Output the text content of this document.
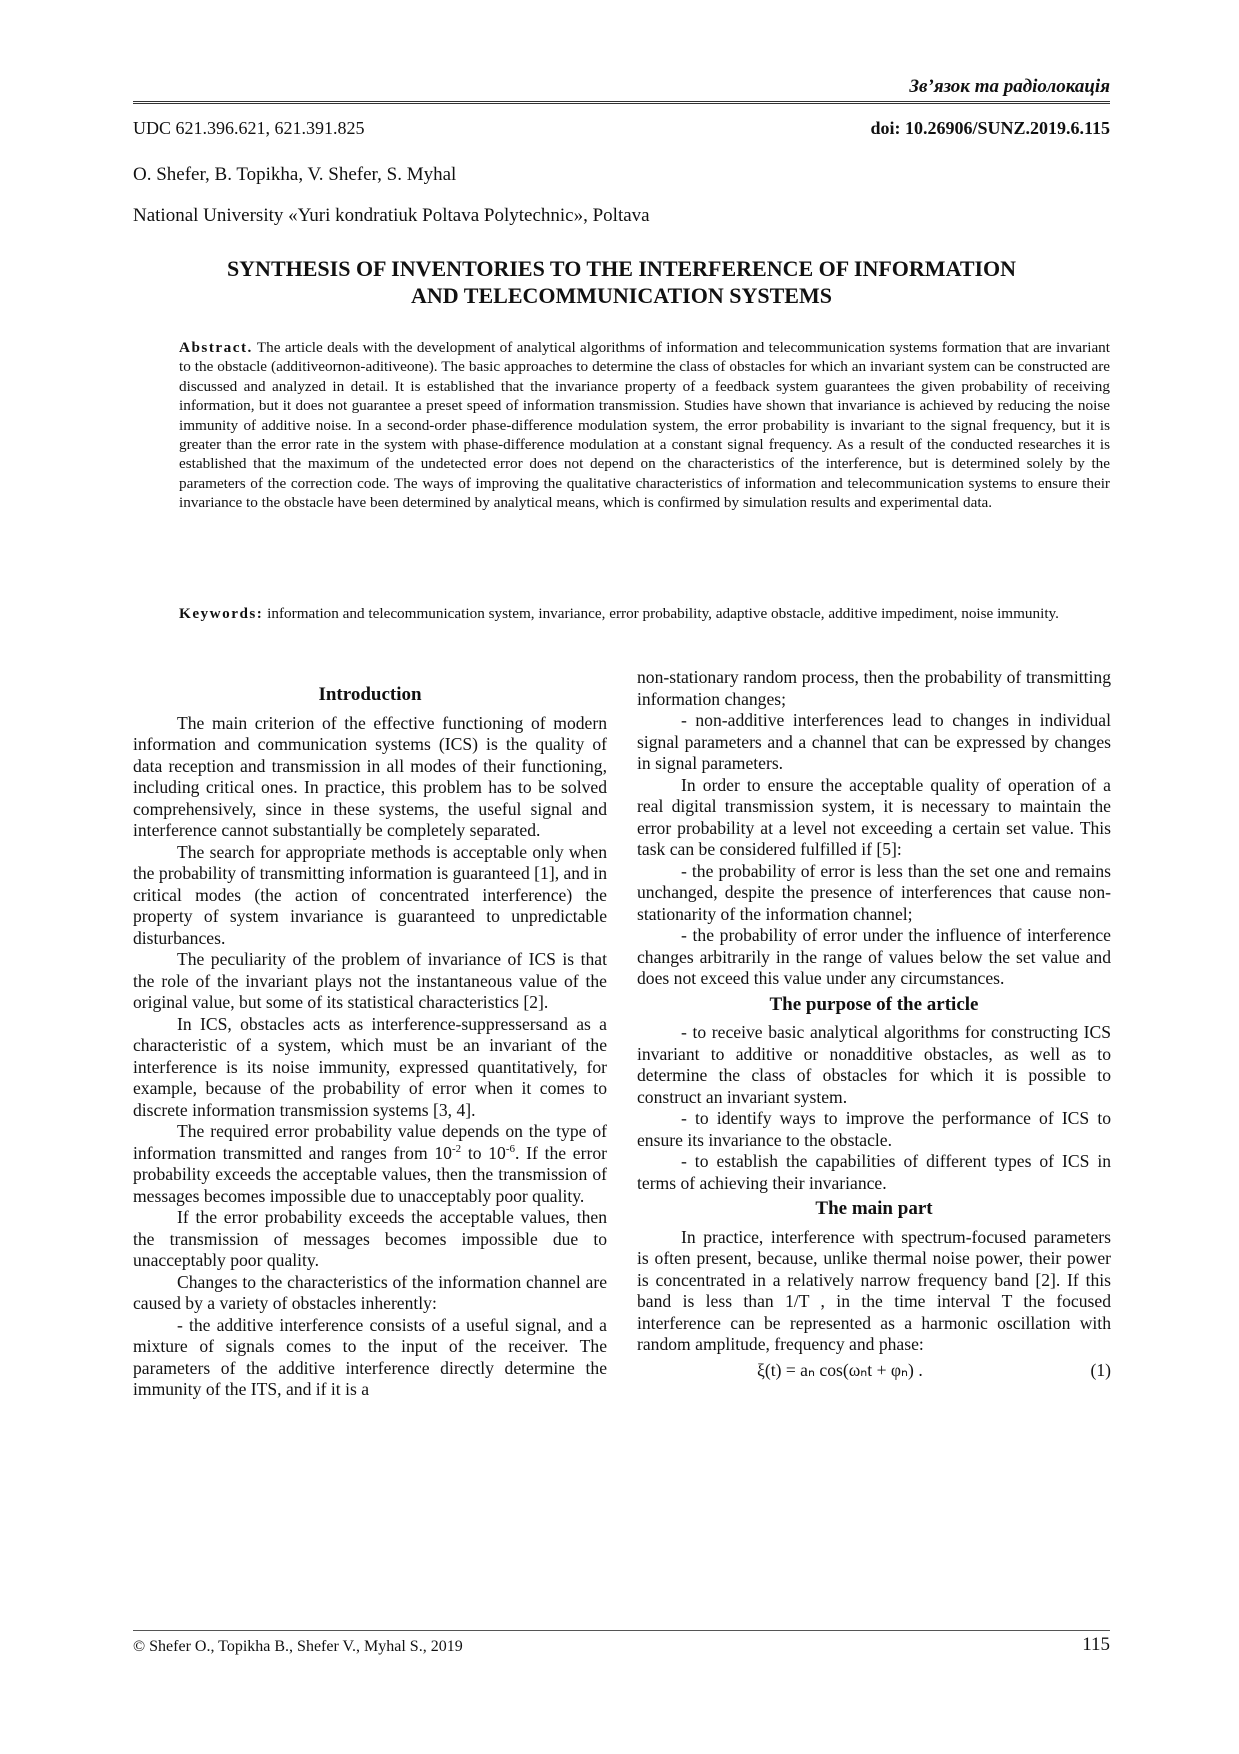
Зв’язок та радіолокація
UDC 621.396.621, 621.391.825	doi: 10.26906/SUNZ.2019.6.115
O. Shefer, B. Topikha, V. Shefer, S. Myhal
National University «Yuri kondratiuk Poltava Polytechnic», Poltava
SYNTHESIS OF INVENTORIES TO THE INTERFERENCE OF INFORMATION
AND TELECOMMUNICATION SYSTEMS
Abstract. The article deals with the development of analytical algorithms of information and telecommunication systems formation that are invariant to the obstacle (additiveornon-aditiveone). The basic approaches to determine the class of obstacles for which an invariant system can be constructed are discussed and analyzed in detail. It is established that the invariance property of a feedback system guarantees the given probability of receiving information, but it does not guarantee a preset speed of information transmission. Studies have shown that invariance is achieved by reducing the noise immunity of additive noise. In a second-order phase-difference modulation system, the error probability is invariant to the signal frequency, but it is greater than the error rate in the system with phase-difference modulation at a constant signal frequency. As a result of the conducted researches it is established that the maximum of the undetected error does not depend on the characteristics of the interference, but is determined solely by the parameters of the correction code. The ways of improving the qualitative characteristics of information and telecommunication systems to ensure their invariance to the obstacle have been determined by analytical means, which is confirmed by simulation results and experimental data.
Keywords: information and telecommunication system, invariance, error probability, adaptive obstacle, additive impediment, noise immunity.
Introduction

The main criterion of the effective functioning of modern information and communication systems (ICS) is the quality of data reception and transmission in all modes of their functioning, including critical ones. In practice, this problem has to be solved comprehensively, since in these systems, the useful signal and interference cannot substantially be completely separated.

The search for appropriate methods is acceptable only when the probability of transmitting information is guaranteed [1], and in critical modes (the action of concentrated interference) the property of system invariance is guaranteed to unpredictable disturbances.

The peculiarity of the problem of invariance of ICS is that the role of the invariant plays not the instantaneous value of the original value, but some of its statistical characteristics [2].

In ICS, obstacles acts as interference-suppressersand as a characteristic of a system, which must be an invariant of the interference is its noise immunity, expressed quantitatively, for example, because of the probability of error when it comes to discrete information transmission systems [3, 4].

The required error probability value depends on the type of information transmitted and ranges from $10^{-2}$ to $10^{-6}$. If the error probability exceeds the acceptable values, then the transmission of messages becomes impossible due to unacceptably poor quality.

If the error probability exceeds the acceptable values, then the transmission of messages becomes impossible due to unacceptably poor quality.

Changes to the characteristics of the information channel are caused by a variety of obstacles inherently:

- the additive interference consists of a useful signal, and a mixture of signals comes to the input of the receiver. The parameters of the additive interference directly determine the immunity of the ITS, and if it is a

non-stationary random process, then the probability of transmitting information changes;

- non-additive interferences lead to changes in individual signal parameters and a channel that can be expressed by changes in signal parameters.

In order to ensure the acceptable quality of operation of a real digital transmission system, it is necessary to maintain the error probability at a level not exceeding a certain set value. This task can be considered fulfilled if [5]:

- the probability of error is less than the set one and remains unchanged, despite the presence of interferences that cause non-stationarity of the information channel;

- the probability of error under the influence of interference changes arbitrarily in the range of values below the set value and does not exceed this value under any circumstances.

The purpose of the article

- to receive basic analytical algorithms for constructing ICS invariant to additive or nonadditive obstacles, as well as to determine the class of obstacles for which it is possible to construct an invariant system.

- to identify ways to improve the performance of ICS to ensure its invariance to the obstacle.

- to establish the capabilities of different types of ICS in terms of achieving their invariance.

The main part

In practice, interference with spectrum-focused parameters is often present, because, unlike thermal noise power, their power is concentrated in a relatively narrow frequency band [2]. If this band is less than 1/T , in the time interval T the focused interference can be represented as a harmonic oscillation with random amplitude, frequency and phase:

ξ(t) = aₙ cos(ωₙt + φₙ) .	(1)
© Shefer O., Topikha B., Shefer V., Myhal S., 2019	115
